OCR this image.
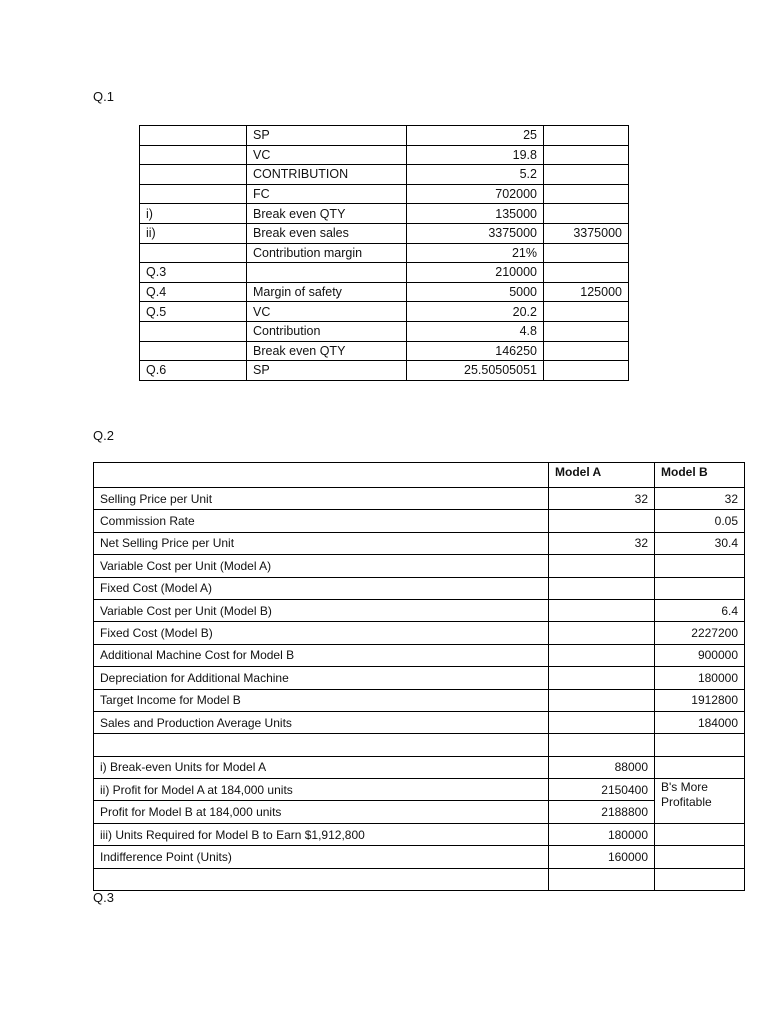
Q.1
	SP	25	
	VC	19.8	
	CONTRIBUTION	5.2	
	FC	702000	
i)	Break even QTY	135000	
ii)	Break even sales	3375000	3375000
	Contribution margin	21%	
Q.3		210000	
Q.4	Margin of safety	5000	125000
Q.5	VC	20.2	
	Contribution	4.8	
	Break even QTY	146250	
Q.6	SP	25.50505051	
Q.2
	Model A	Model B
Selling Price per Unit	32	32
Commission Rate		0.05
Net Selling Price per Unit	32	30.4
Variable Cost per Unit (Model A)		
Fixed Cost (Model A)		
Variable Cost per Unit (Model B)		6.4
Fixed Cost (Model B)		2227200
Additional Machine Cost for Model B		900000
Depreciation for Additional Machine		180000
Target Income for Model B		1912800
Sales and Production Average Units		184000

i) Break-even Units for Model A	88000	
ii) Profit for Model A at 184,000 units	2150400	B's More Profitable
Profit for Model B at 184,000 units	2188800	
iii) Units Required for Model B to Earn $1,912,800	180000	
Indifference Point (Units)	160000	

Q.3
